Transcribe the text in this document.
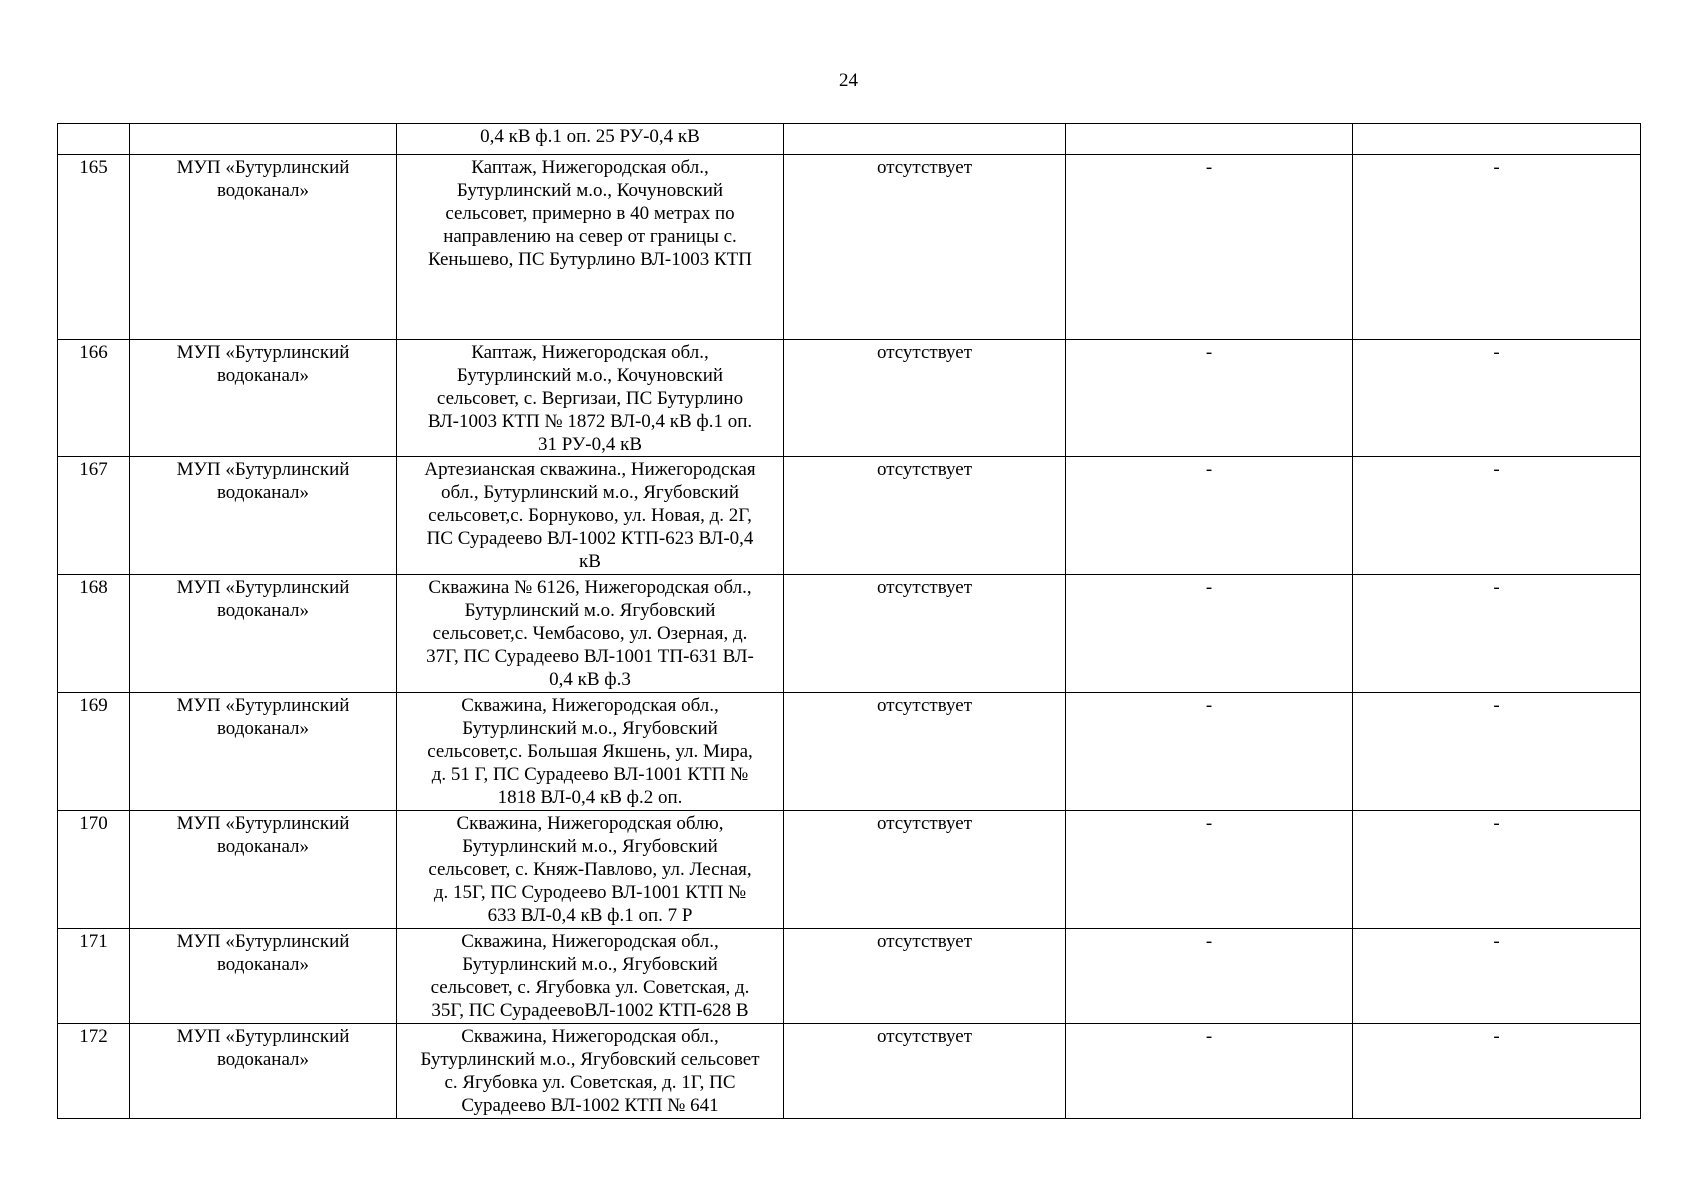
24
		0,4 кВ ф.1 оп. 25 РУ-0,4 кВ			
165	МУП «Бутурлинский
водоканал»	Каптаж, Нижегородская обл.,
Бутурлинский м.о., Кочуновский
сельсовет, примерно в 40 метрах по
направлению на север от границы с.
Кеньшево, ПС Бутурлино ВЛ-1003 КТП	отсутствует	-	-
166	МУП «Бутурлинский
водоканал»	Каптаж, Нижегородская обл.,
Бутурлинский м.о., Кочуновский
сельсовет, с. Вергизаи, ПС Бутурлино
ВЛ-1003 КТП № 1872 ВЛ-0,4 кВ ф.1 оп.
31 РУ-0,4 кВ	отсутствует	-	-
167	МУП «Бутурлинский
водоканал»	Артезианская скважина., Нижегородская
обл., Бутурлинский м.о., Ягубовский
сельсовет,с. Борнуково, ул. Новая, д. 2Г,
ПС Сурадеево ВЛ-1002 КТП-623 ВЛ-0,4
кВ	отсутствует	-	-
168	МУП «Бутурлинский
водоканал»	Скважина № 6126, Нижегородская обл.,
Бутурлинский м.о. Ягубовский
сельсовет,с. Чембасово, ул. Озерная, д.
37Г, ПС Сурадеево ВЛ-1001 ТП-631 ВЛ-
0,4 кВ ф.3	отсутствует	-	-
169	МУП «Бутурлинский
водоканал»	Скважина, Нижегородская обл.,
Бутурлинский м.о., Ягубовский
сельсовет,с. Большая Якшень, ул. Мира,
д. 51 Г, ПС Сурадеево ВЛ-1001 КТП №
1818 ВЛ-0,4 кВ ф.2 оп.	отсутствует	-	-
170	МУП «Бутурлинский
водоканал»	Скважина, Нижегородская облю,
Бутурлинский м.о., Ягубовский
сельсовет, с. Княж-Павлово, ул. Лесная,
д. 15Г, ПС Суродеево ВЛ-1001 КТП №
633 ВЛ-0,4 кВ ф.1 оп. 7 Р	отсутствует	-	-
171	МУП «Бутурлинский
водоканал»	Скважина, Нижегородская обл.,
Бутурлинский м.о., Ягубовский
сельсовет, с. Ягубовка ул. Советская, д.
35Г, ПС СурадеевоВЛ-1002 КТП-628 В	отсутствует	-	-
172	МУП «Бутурлинский
водоканал»	Скважина, Нижегородская обл.,
Бутурлинский м.о., Ягубовский сельсовет
с. Ягубовка ул. Советская, д. 1Г, ПС
Сурадеево ВЛ-1002 КТП № 641	отсутствует	-	-
